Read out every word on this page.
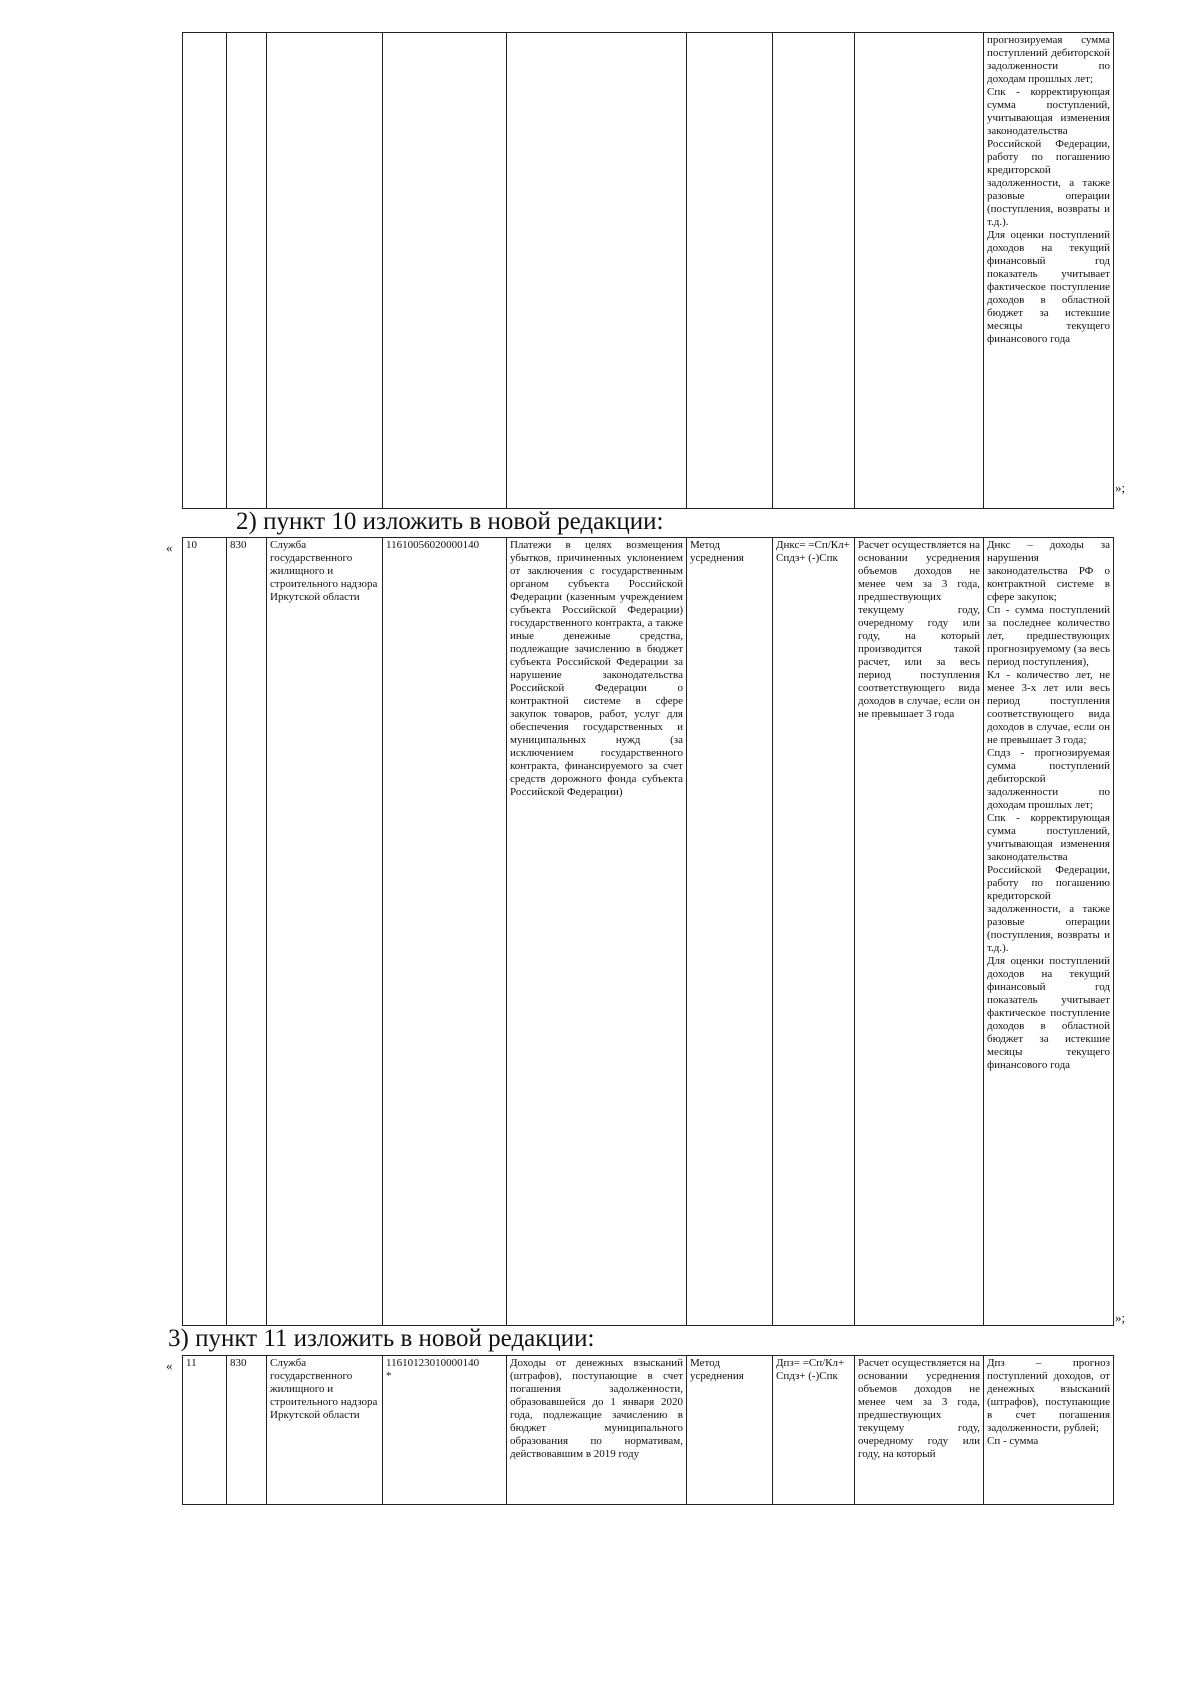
								прогнозируемая сумма поступлений дебиторской задолженности по доходам прошлых лет;
Спк - корректирующая сумма поступлений, учитывающая изменения законодательства Российской Федерации, работу по погашению кредиторской задолженности, а также разовые операции (поступления, возвраты и т.д.).
Для оценки поступлений доходов на текущий финансовый год показатель учитывает фактическое поступление доходов в областной бюджет за истекшие месяцы текущего финансового года
»;
2) пункт 10 изложить в новой редакции:
« 10	830	Служба государственного жилищного и строительного надзора Иркутской области	11610056020000140	Платежи в целях возмещения убытков, причиненных уклонением от заключения с государственным органом субъекта Российской Федерации (казенным учреждением субъекта Российской Федерации) государственного контракта, а также иные денежные средства, подлежащие зачислению в бюджет субъекта Российской Федерации за нарушение законодательства Российской Федерации о контрактной системе в сфере закупок товаров, работ, услуг для обеспечения государственных и муниципальных нужд (за исключением государственного контракта, финансируемого за счет средств дорожного фонда субъекта Российской Федерации)	Метод усреднения	Днкс= =Сп/Кл+ Спдз+ (-)Спк	Расчет осуществляется на основании усреднения объемов доходов не менее чем за 3 года, предшествующих текущему году, очередному году или году, на который производится такой расчет, или за весь период поступления соответствующего вида доходов в случае, если он не превышает 3 года	Днкс – доходы за нарушения законодательства РФ о контрактной системе в сфере закупок;
Сп - сумма поступлений за последнее количество лет, предшествующих прогнозируемому (за весь период поступления),
Кл - количество лет, не менее 3-х лет или весь период поступления соответствующего вида доходов в случае, если он не превышает 3 года;
Спдз - прогнозируемая сумма поступлений дебиторской задолженности по доходам прошлых лет;
Спк - корректирующая сумма поступлений, учитывающая изменения законодательства Российской Федерации, работу по погашению кредиторской задолженности, а также разовые операции (поступления, возвраты и т.д.).
Для оценки поступлений доходов на текущий финансовый год показатель учитывает фактическое поступление доходов в областной бюджет за истекшие месяцы текущего финансового года
»;
3) пункт 11 изложить в новой редакции:
« 11	830	Служба государственного жилищного и строительного надзора Иркутской области	11610123010000140
*
	Доходы от денежных взысканий (штрафов), поступающие в счет погашения задолженности, образовавшейся до 1 января 2020 года, подлежащие зачислению в бюджет муниципального образования по нормативам, действовавшим в 2019 году	Метод усреднения	Дпз= =Сп/Кл+ Спдз+ (-)Спк	Расчет осуществляется на основании усреднения объемов доходов не менее чем за 3 года, предшествующих текущему году, очередному году или году, на который	Дпз – прогноз поступлений доходов, от денежных взысканий (штрафов), поступающие в счет погашения задолженности, рублей;
Сп - сумма
